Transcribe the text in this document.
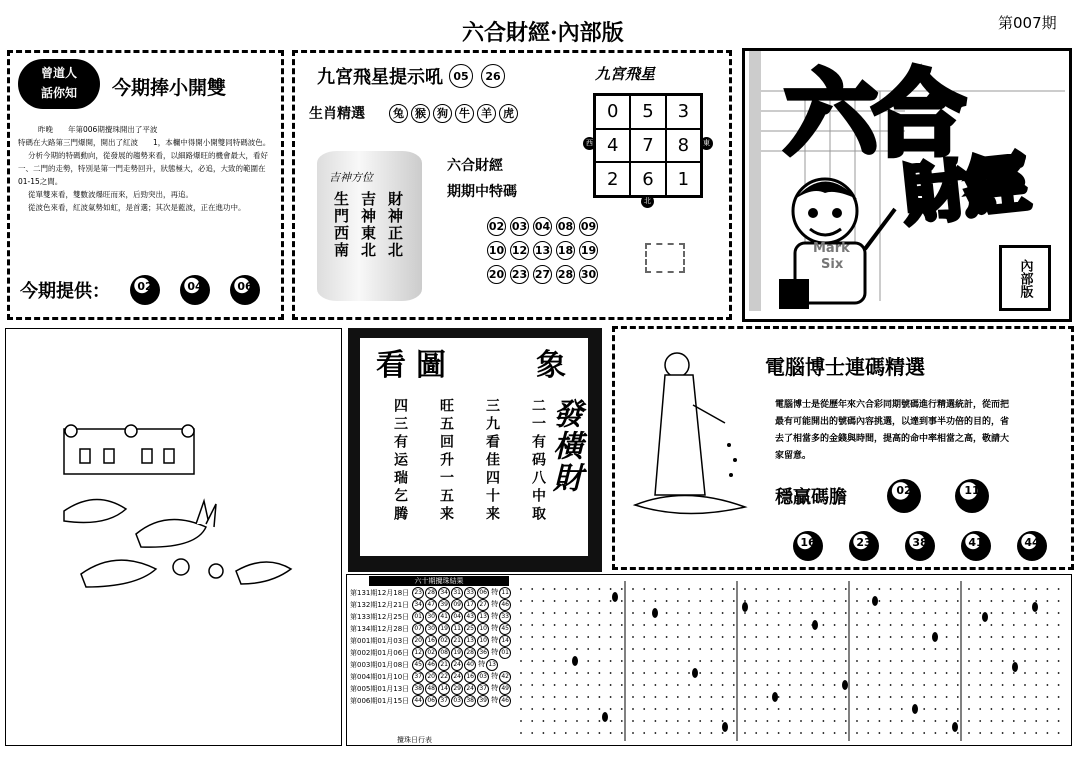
六合財經·內部版	第007期
曾道人
話你知	今期捧小開雙
昨晚　　年第006期攪珠開出了平波　　
特碼在大路第三門爆開，開出了紅波　　1，本欄中得開小開雙同特碼波色。
分析今期的特碼動向，從發展的趨勢來看，以細路爆旺的機會最大，看好一、二門的走勢，特別是第一門走勢回升，狀態極大，必追，大致的範圍在01-15之間。
從單雙來看，雙數波爆旺而來，后勁突出，再追。
從波色來看，紅波氣勢如虹，是首選；其次是藍波，正在進功中。
今期提供 ：	02	04	06
九宮飛星提示吼 05	26
生肖精選	兔	猴	狗	牛	羊	虎
吉神方位
財神正北
吉神東北
生門西南
六合財經
期期中特碼
02 03 04 08 09
10 12 13 18 19
20 23 27 28 30
九宮飛星
0	5	3
4	7	8
2	6	1
西	東
北
六合
財經
Mark
Six	內部版
看圖	象
四三有运瑞乞腾 旺五回升一五来 三九看佳四十来 二一有码八中取 發橫財
電腦博士連碼精選
電腦博士是從歷年來六合彩同期號碼進行精選統計，從而把最有可能開出的號碼內容挑選，以達到事半功倍的目的，省去了相當多的金錢與時間，提高的命中率相當之高，敬請大家留意。
穩贏碼膽	02	11
16	23	38	41	44
六十期攪珠結果
第131期12月18日	23 28 34 31 33 06 特 11
第132期12月21日	34 47 39 09 17 27 特 46
第133期12月25日	01 30 41 04 43 13 特 33
第134期12月28日	07 30 19 11 25 10 特 45
第001期01月03日	20 16 02 21 13 10 特 14
第002期01月06日	12 02 08 19 28 36 特 01
第003期01月08日	45 46 21 24 40 特 13
第004期01月10日	37 20 22 24 16 03 特 42
第005期01月13日	38 48 14 29 24 37 特 49
第006期01月15日	44 06 37 03 38 39 特 46
攪珠日行表
